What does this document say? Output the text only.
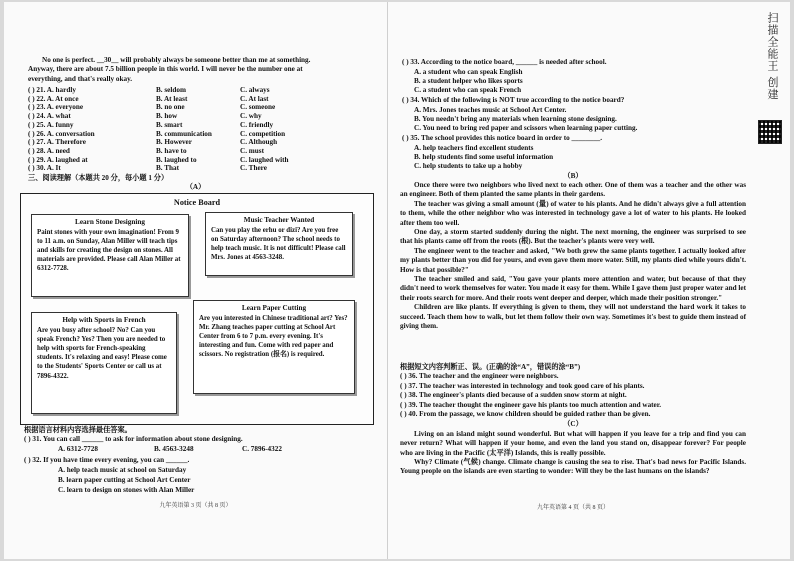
No one is perfect. __30__ will probably always be someone better than me at something.

Anyway, there are about 7.5 billion people in this world. I will never be the number one at

everything, and that's really okay.

( ) 21. A. hardly	B. seldom	C. always
( ) 22. A. At once	B. At least	C. At last
( ) 23. A. everyone	B. no one	C. someone
( ) 24. A. what	B. how	C. why
( ) 25. A. funny	B. smart	C. friendly
( ) 26. A. conversation	B. communication	C. competition
( ) 27. A. Therefore	B. However	C. Although
( ) 28. A. need	B. have to	C. must
( ) 29. A. laughed at	B. laughed to	C. laughed with
( ) 30. A. It	B. That	C. There
三、阅读理解（本题共 20 分，每小题 1 分）
（A）
Notice Board
Learn Stone Designing
Paint stones with your own imagination! From 9 to 11 a.m. on Sunday, Alan Miller will teach tips and skills for creating the design on stones. All materials are provided. Please call Alan Miller at 6312-7728.
Music Teacher Wanted
Can you play the erhu or dizi? Are you free on Saturday afternoon? The school needs to help teach music. It is not difficult! Please call Mrs. Jones at 4563-3248.
Help with Sports in French
Are you busy after school? No? Can you speak French? Yes? Then you are needed to help with sports for French-speaking students. It's relaxing and easy! Please come to the Students' Sports Center or call us at 7896-4322.
Learn Paper Cutting
Are you interested in Chinese traditional art? Yes? Mr. Zhang teaches paper cutting at School Art Center from 6 to 7 p.m. every evening. It's interesting and fun. Come with red paper and scissors. No registration (报名) is required.
根据语言材料内容选择最佳答案。
( ) 31. You can call ______ to ask for information about stone designing.
A. 6312-7728	B. 4563-3248	C. 7896-4322
( ) 32. If you have time every evening, you can ______.
A. help teach music at school on Saturday
B. learn paper cutting at School Art Center
C. learn to design on stones with Alan Miller
九年英语第 3 页（共 8 页）
( ) 33. According to the notice board, ______ is needed after school.
A. a student who can speak English
B. a student helper who likes sports
C. a student who can speak French
( ) 34. Which of the following is NOT true according to the notice board?
A. Mrs. Jones teaches music at School Art Center.
B. You needn't bring any materials when learning stone designing.
C. You need to bring red paper and scissors when learning paper cutting.
( ) 35. The school provides this notice board in order to ________.
A. help teachers find excellent students
B. help students find some useful information
C. help students to take up a hobby
（B）

Once there were two neighbors who lived next to each other. One of them was a teacher and the other was an engineer. Both of them planted the same plants in their gardens.

The teacher was giving a small amount (量) of water to his plants. And he didn't always give a full attention to them, while the other neighbor who was interested in technology gave a lot of water to his plants. He looked after them too well.

One day, a storm started suddenly during the night. The next morning, the engineer was surprised to see that his plants came off from the roots (根). But the teacher's plants were very well.

The engineer went to the teacher and asked, "We both grew the same plants together. I actually looked after my plants better than you did for yours, and even gave them more water. Still, my plants died while yours didn't. How is that possible?"

The teacher smiled and said, "You gave your plants more attention and water, but because of that they didn't need to work themselves for water. You made it easy for them. While I gave them just proper water and let their roots search for more. And their roots went deeper and deeper, which made their position stronger."

Children are like plants. If everything is given to them, they will not understand the hard work it takes to succeed. Teach them how to walk, but let them follow their own way. Sometimes it's best to guide them instead of giving them.

根据短文内容判断正、误。(正确的涂“A”，错误的涂“B”)

( ) 36. The teacher and the engineer were neighbors.

( ) 37. The teacher was interested in technology and took good care of his plants.

( ) 38. The engineer's plants died because of a sudden snow storm at night.

( ) 39. The teacher thought the engineer gave his plants too much attention and water.

( ) 40. From the passage, we know children should be guided rather than be given.

（C）

Living on an island might sound wonderful. But what will happen if you leave for a trip and find you can never return? What will happen if your home, and even the land you stand on, disappear forever? For people who are living in the Pacific (太平洋) Islands, this is really possible.

Why? Climate (气候) change. Climate change is causing the sea to rise. That's bad news for Pacific Islands. Young people on the islands are even starting to wonder: Will they be the last humans on the islands?

九年英语第 4 页（共 8 页）
扫描全能王 创建
